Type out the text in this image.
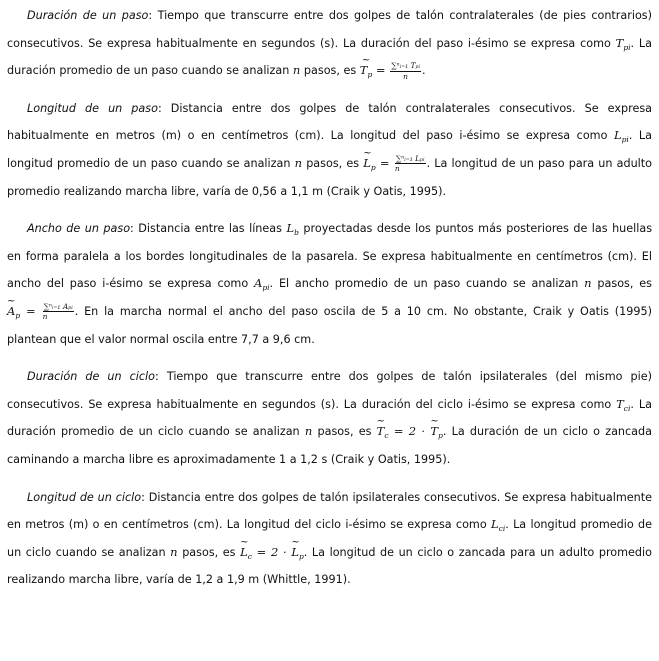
Duración de un paso: Tiempo que transcurre entre dos golpes de talón contralaterales (de pies contrarios)
consecutivos. Se expresa habitualmente en segundos (s). La duración del paso i-ésimo se expresa como $T_{pi}$. La
duración promedio de un paso cuando se analizan n pasos, es ~ $T_p = \frac{\text{∑ⁿᵢ₌₁ Tₚᵢ}}{n}$ .
Longitud de un paso: Distancia entre dos golpes de talón contralaterales consecutivos. Se expresa
habitualmente en metros (m) o en centímetros (cm). La longitud del paso i-ésimo se expresa como $L_{pi}$. La
longitud promedio de un paso cuando se analizan n pasos, es ~ $L_p = \frac{\text{∑ⁿᵢ₌₁ Lₚᵢ}}{n}$ . La longitud de un paso para un adulto
promedio realizando marcha libre, varía de 0,56 a 1,1 m (Craik y Oatis, 1995).
Ancho de un paso: Distancia entre las líneas $L_b$ proyectadas desde los puntos más posteriores de las huellas
en forma paralela a los bordes longitudinales de la pasarela. Se expresa habitualmente en centímetros (cm). El
ancho del paso i-ésimo se expresa como $A_{pi}$. El ancho promedio de un paso cuando se analizan n pasos, es
~ $A_p = \frac{\text{∑ⁿᵢ₌₁ Aₚᵢ}}{n}$ . En la marcha normal el ancho del paso oscila de 5 a 10 cm. No obstante, Craik y Oatis (1995)
plantean que el valor normal oscila entre 7,7 a 9,6 cm.
Duración de un ciclo: Tiempo que transcurre entre dos golpes de talón ipsilaterales (del mismo pie)
consecutivos. Se expresa habitualmente en segundos (s). La duración del ciclo i-ésimo se expresa como $T_{ci}$. La
duración promedio de un ciclo cuando se analizan n pasos, es ~ $T_c = 2$ · ~ $T_p$. La duración de un ciclo o zancada
caminando a marcha libre es aproximadamente 1 a 1,2 s (Craik y Oatis, 1995).
Longitud de un ciclo: Distancia entre dos golpes de talón ipsilaterales consecutivos. Se expresa habitualmente
en metros (m) o en centímetros (cm). La longitud del ciclo i-ésimo se expresa como $L_{ci}$. La longitud promedio de
un ciclo cuando se analizan n pasos, es ~ $L_c = 2$ · ~ $L_p$. La longitud de un ciclo o zancada para un adulto promedio
realizando marcha libre, varía de 1,2 a 1,9 m (Whittle, 1991).
